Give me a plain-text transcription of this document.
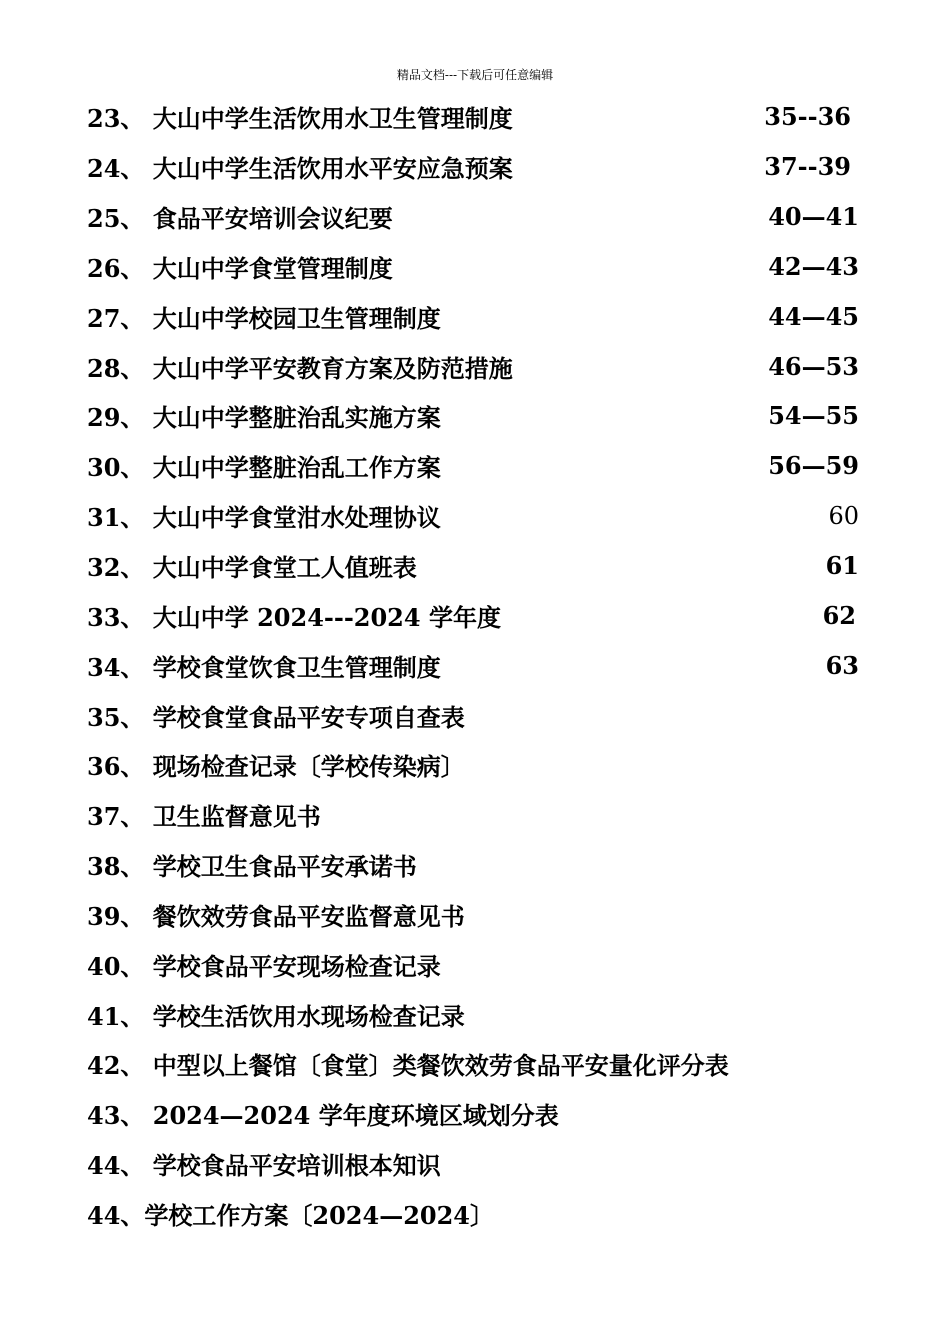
精品文档---下载后可任意编辑
23、 大山中学生活饮用水卫生管理制度	35--36
24、 大山中学生活饮用水平安应急预案	37--39
25、 食品平安培训会议纪要	40—41
26、 大山中学食堂管理制度	42—43
27、 大山中学校园卫生管理制度	44—45
28、 大山中学平安教育方案及防范措施	46—53
29、 大山中学整脏治乱实施方案	54—55
30、 大山中学整脏治乱工作方案	56—59
31、 大山中学食堂泔水处理协议	60
32、 大山中学食堂工人值班表	61
33、 大山中学 2024---2024 学年度	62
34、 学校食堂饮食卫生管理制度	63
35、 学校食堂食品平安专项自查表
36、 现场检查记录〔学校传染病〕
37、 卫生监督意见书
38、 学校卫生食品平安承诺书
39、 餐饮效劳食品平安监督意见书
40、 学校食品平安现场检查记录
41、 学校生活饮用水现场检查记录
42、 中型以上餐馆〔食堂〕类餐饮效劳食品平安量化评分表
43、 2024—2024 学年度环境区域划分表
44、 学校食品平安培训根本知识
44、学校工作方案〔2024—2024〕
